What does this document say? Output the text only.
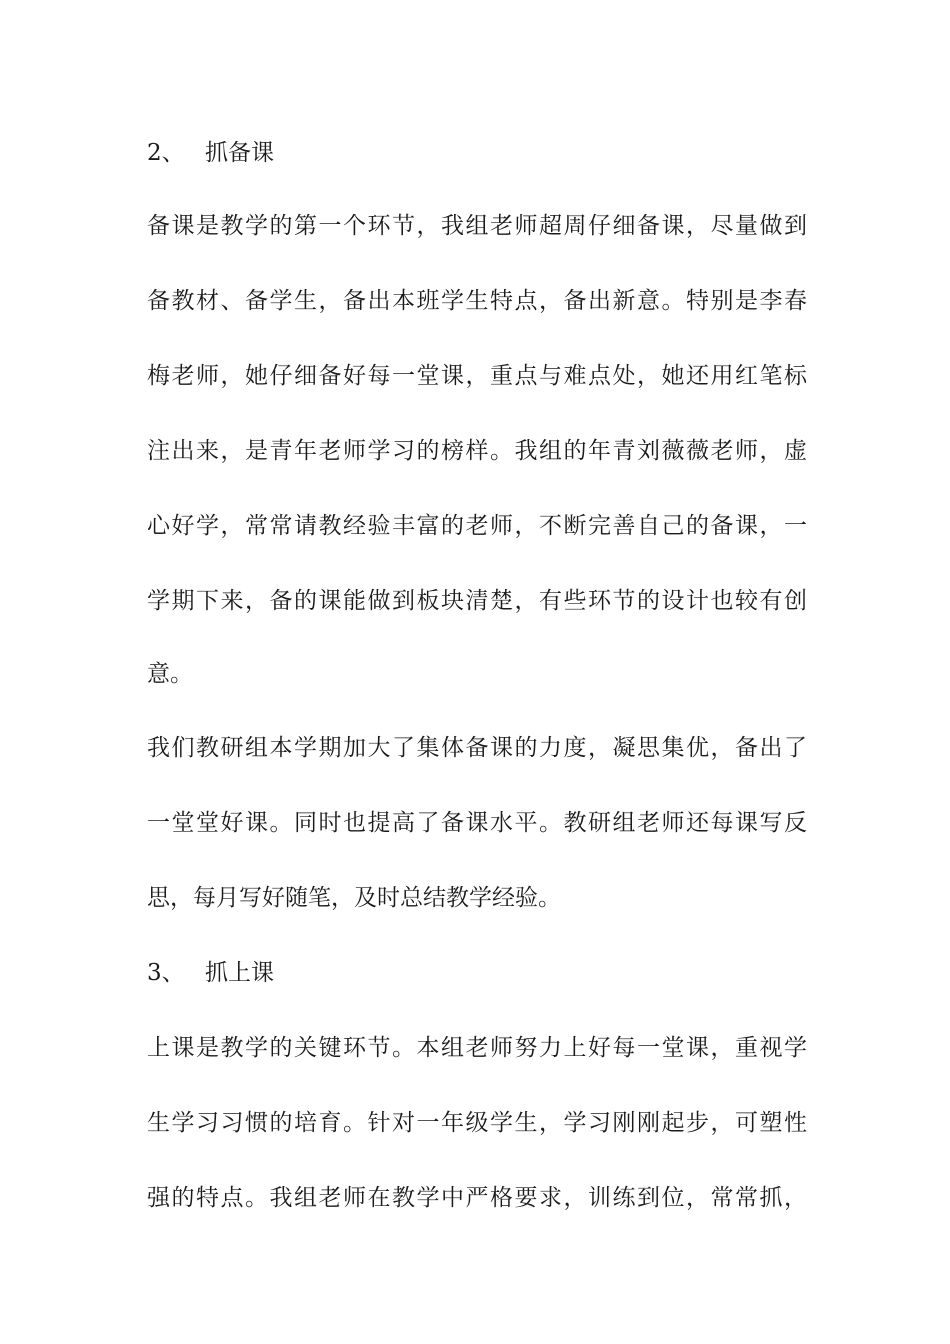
2、 抓备课
备课是教学的第一个环节，我组老师超周仔细备课，尽量做到
备教材、备学生，备出本班学生特点，备出新意。特别是李春
梅老师，她仔细备好每一堂课，重点与难点处，她还用红笔标
注出来，是青年老师学习的榜样。我组的年青刘薇薇老师，虚
心好学，常常请教经验丰富的老师，不断完善自己的备课，一
学期下来，备的课能做到板块清楚，有些环节的设计也较有创
意。
我们教研组本学期加大了集体备课的力度，凝思集优，备出了
一堂堂好课。同时也提高了备课水平。教研组老师还每课写反
思，每月写好随笔，及时总结教学经验。
3、 抓上课
上课是教学的关键环节。本组老师努力上好每一堂课，重视学
生学习习惯的培育。针对一年级学生，学习刚刚起步，可塑性
强的特点。我组老师在教学中严格要求，训练到位，常常抓，
